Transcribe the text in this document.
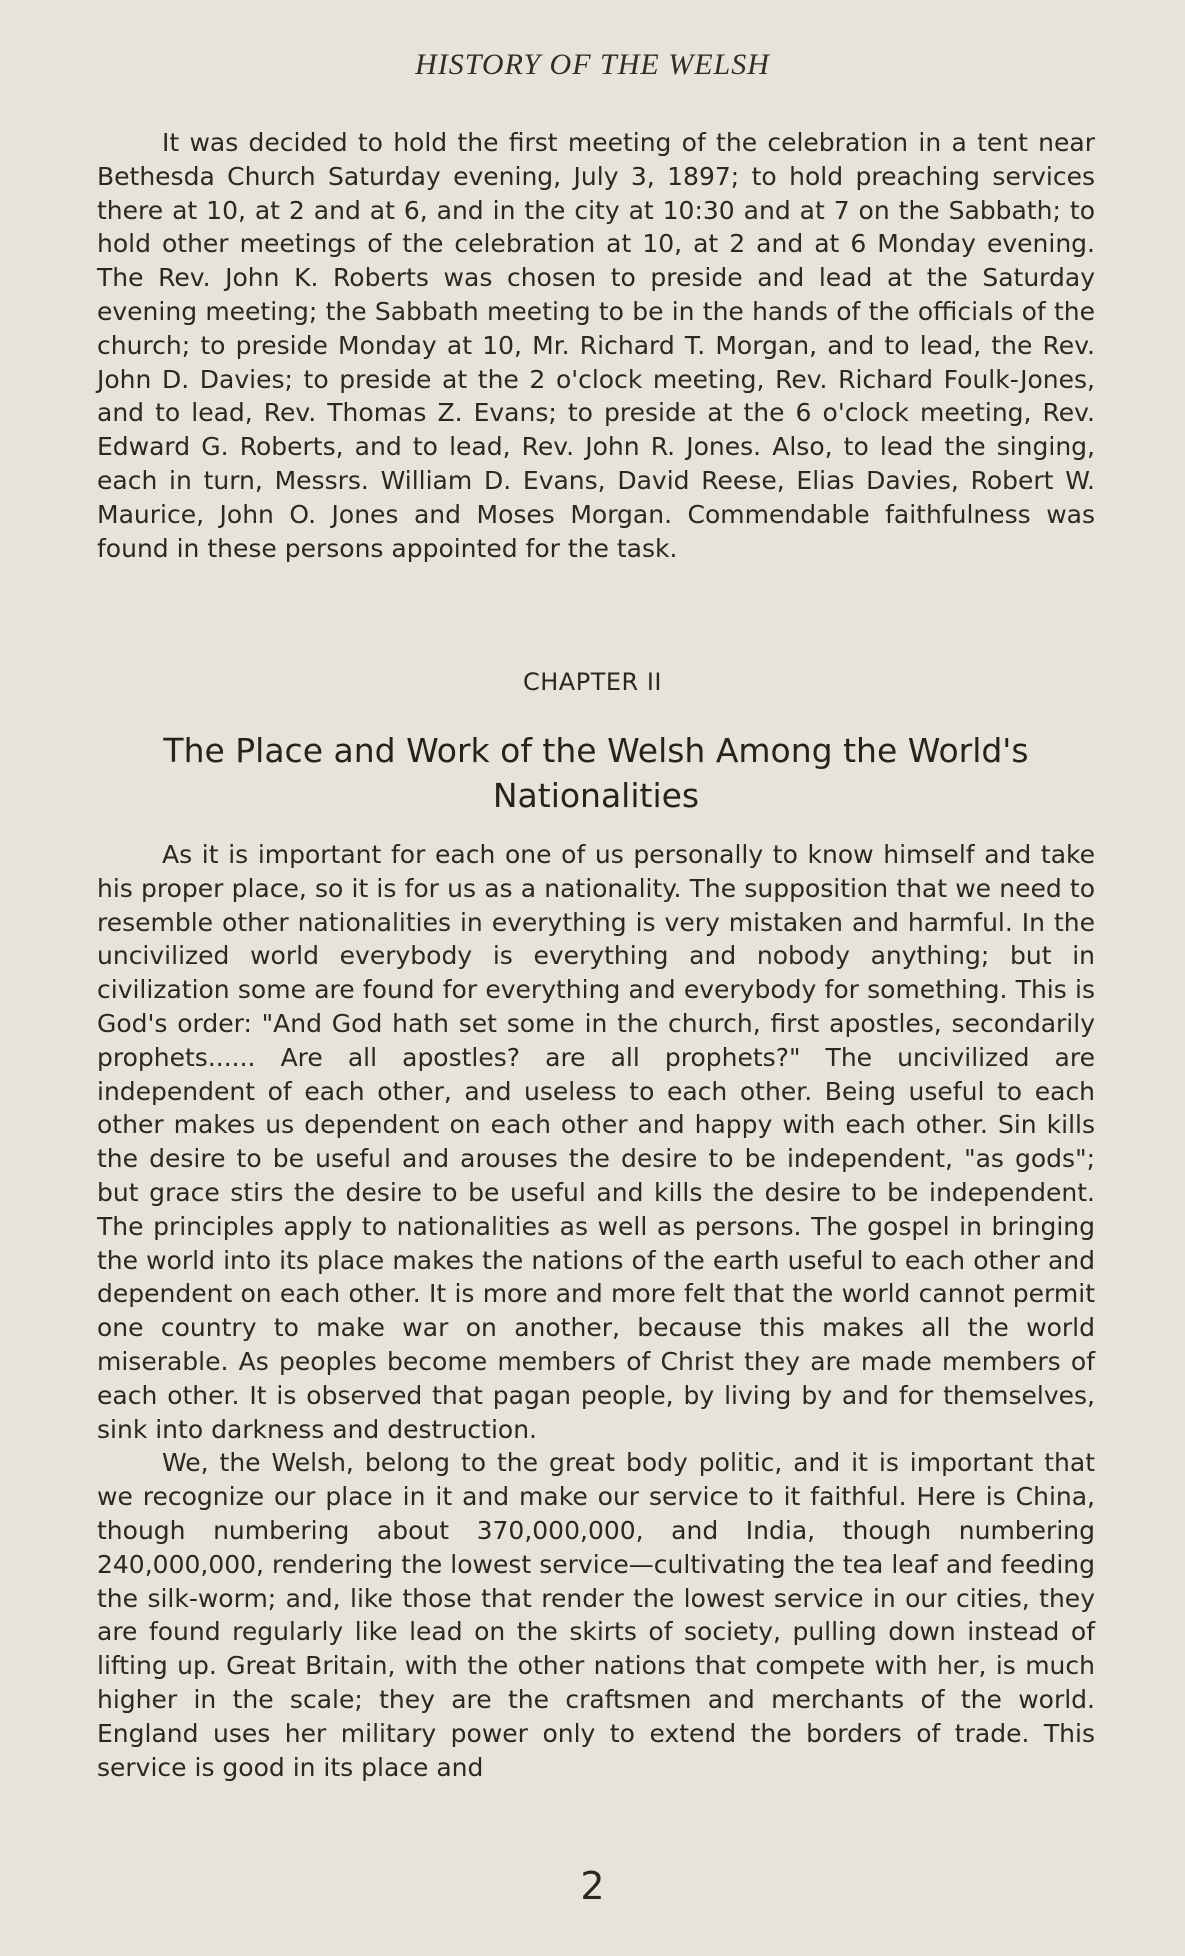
HISTORY OF THE WELSH

It was decided to hold the first meeting of the celebration in a tent near Bethesda Church Saturday evening, July 3, 1897; to hold preaching services there at 10, at 2 and at 6, and in the city at 10:30 and at 7 on the Sabbath; to hold other meetings of the celebration at 10, at 2 and at 6 Monday evening. The Rev. John K. Roberts was chosen to preside and lead at the Saturday evening meeting; the Sabbath meeting to be in the hands of the officials of the church; to preside Monday at 10, Mr. Richard T. Morgan, and to lead, the Rev. John D. Davies; to preside at the 2 o'clock meeting, Rev. Richard Foulk-Jones, and to lead, Rev. Thomas Z. Evans; to preside at the 6 o'clock meeting, Rev. Edward G. Roberts, and to lead, Rev. John R. Jones. Also, to lead the singing, each in turn, Messrs. William D. Evans, David Reese, Elias Davies, Robert W. Maurice, John O. Jones and Moses Morgan. Commendable faithfulness was found in these persons appointed for the task.

CHAPTER II
The Place and Work of the Welsh Among the World's Nationalities

As it is important for each one of us personally to know himself and take his proper place, so it is for us as a nationality. The supposition that we need to resemble other nationalities in everything is very mistaken and harmful. In the uncivilized world everybody is everything and nobody anything; but in civilization some are found for everything and everybody for something. This is God's order: "And God hath set some in the church, first apostles, secondarily prophets...... Are all apostles? are all prophets?" The uncivilized are independent of each other, and useless to each other. Being useful to each other makes us dependent on each other and happy with each other. Sin kills the desire to be useful and arouses the desire to be independent, "as gods"; but grace stirs the desire to be useful and kills the desire to be independent. The principles apply to nationalities as well as persons. The gospel in bringing the world into its place makes the nations of the earth useful to each other and dependent on each other. It is more and more felt that the world cannot permit one country to make war on another, because this makes all the world miserable. As peoples become members of Christ they are made members of each other. It is observed that pagan people, by living by and for themselves, sink into darkness and destruction.

We, the Welsh, belong to the great body politic, and it is important that we recognize our place in it and make our service to it faithful. Here is China, though numbering about 370,000,000, and India, though numbering 240,000,000, rendering the lowest service—cultivating the tea leaf and feeding the silk-worm; and, like those that render the lowest service in our cities, they are found regularly like lead on the skirts of society, pulling down instead of lifting up. Great Britain, with the other nations that compete with her, is much higher in the scale; they are the craftsmen and merchants of the world. England uses her military power only to extend the borders of trade. This service is good in its place and

2
